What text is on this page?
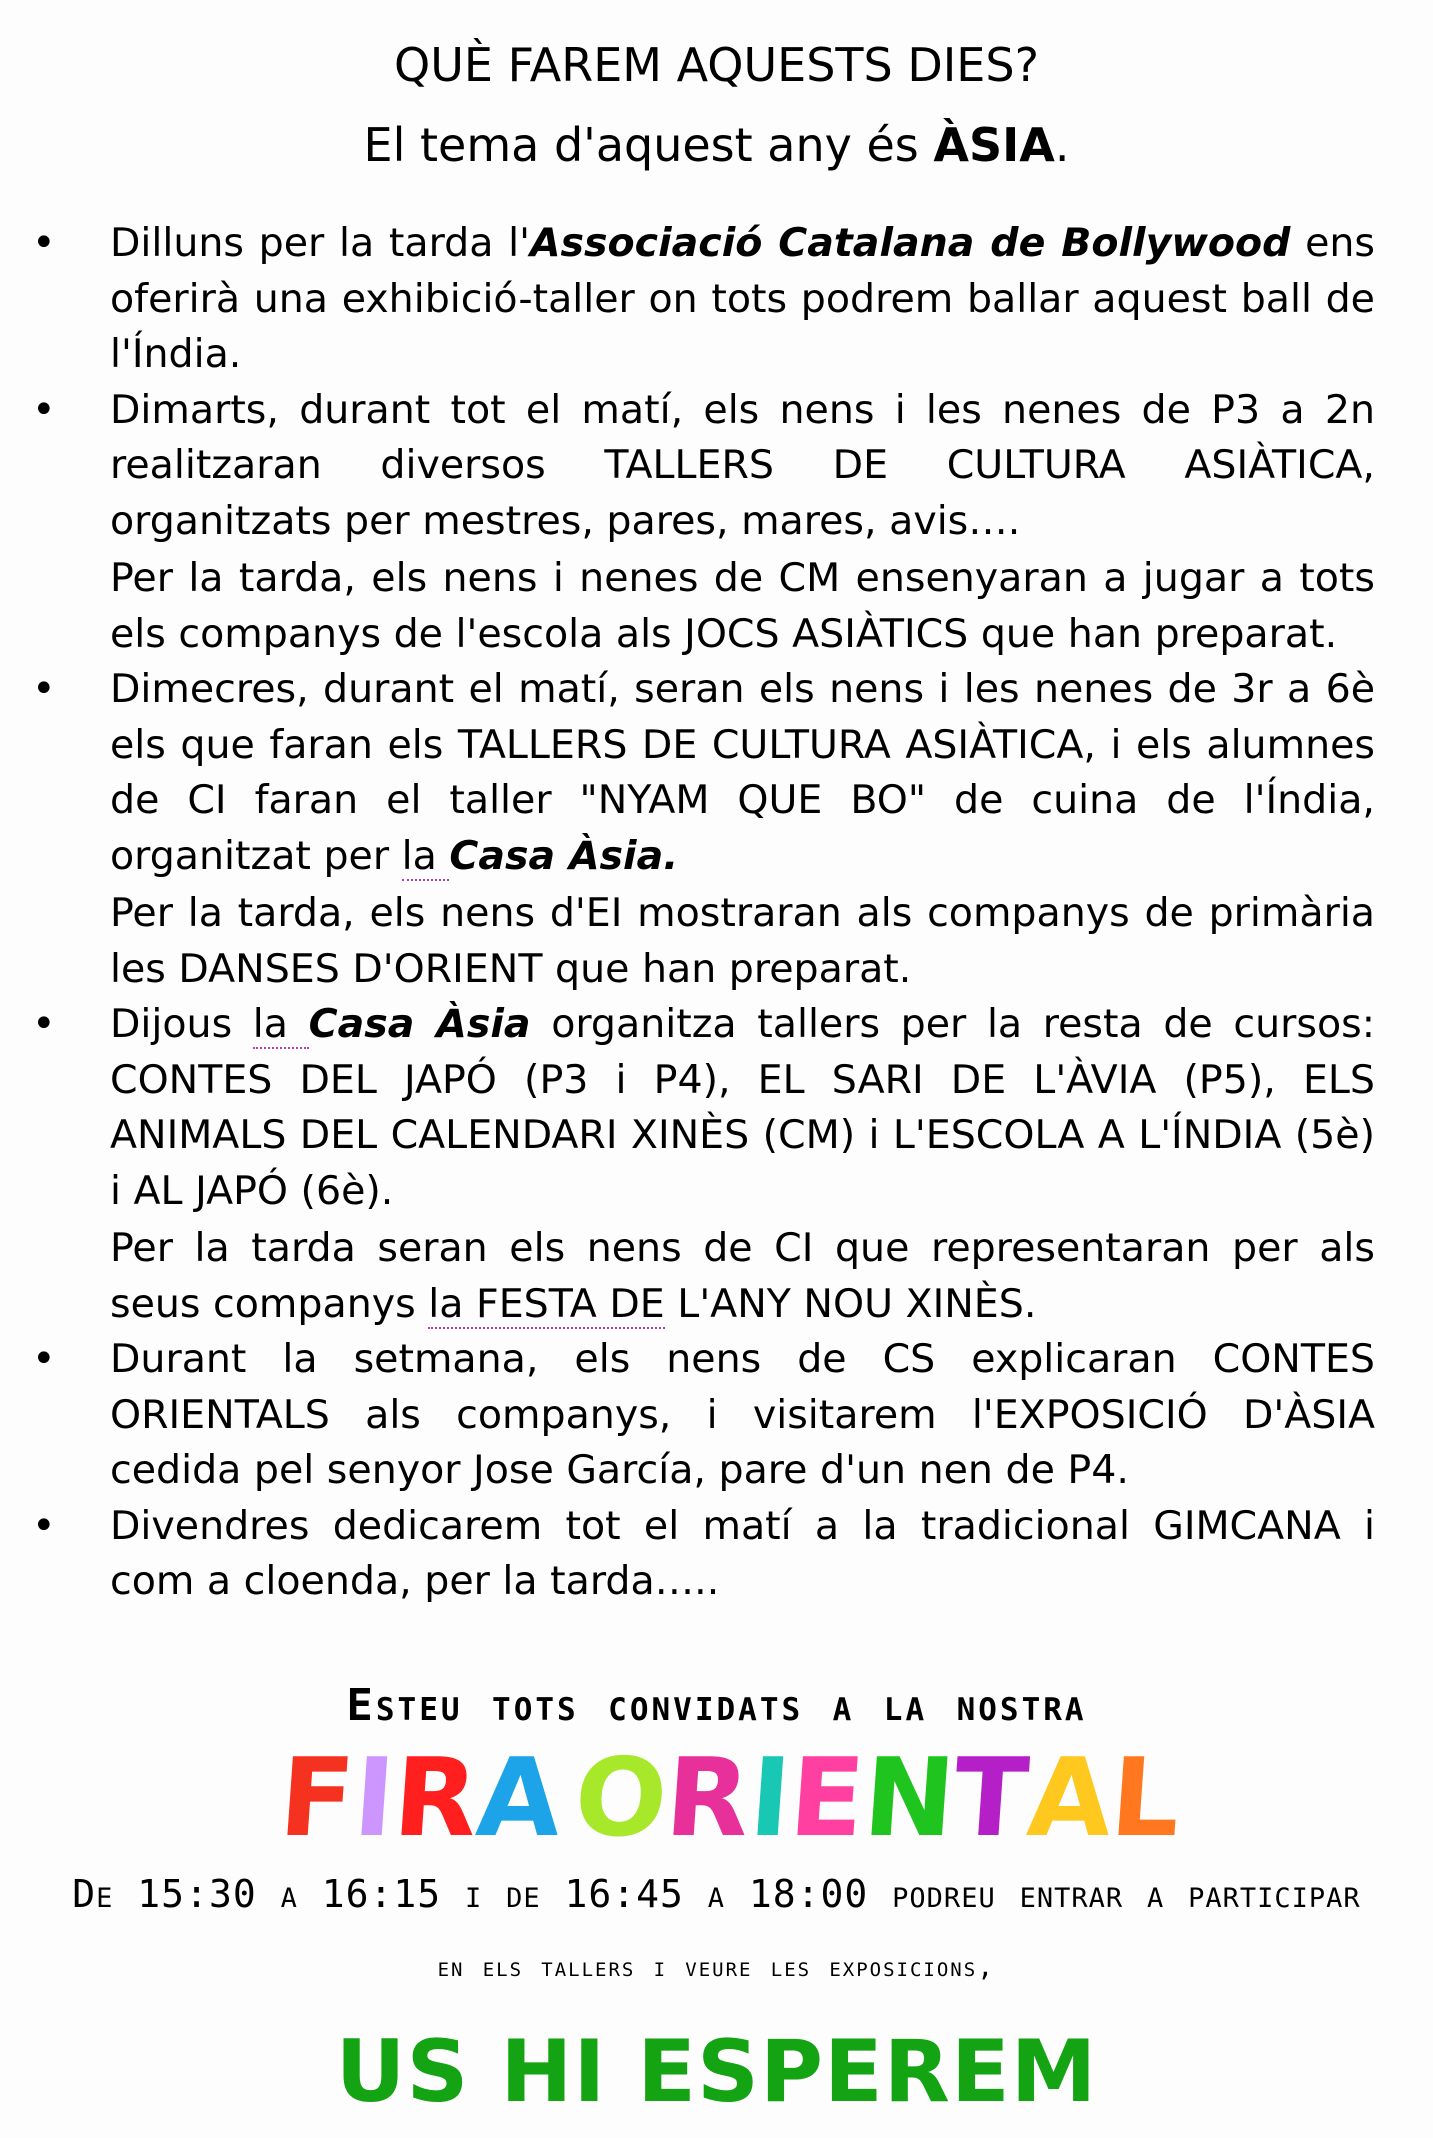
QUÈ FAREM AQUESTS DIES?
El tema d'aquest any és ÀSIA.
• Dilluns per la tarda l'Associació Catalana de Bollywood ens oferirà una exhibició-taller on tots podrem ballar aquest ball de l'Índia.

• Dimarts, durant tot el matí, els nens i les nenes de P3 a 2n realitzaran diversos TALLERS DE CULTURA ASIÀTICA, organitzats per mestres, pares, mares, avis….

Per la tarda, els nens i nenes de CM ensenyaran a jugar a tots els companys de l'escola als JOCS ASIÀTICS que han preparat.

• Dimecres, durant el matí, seran els nens i les nenes de 3r a 6è els que faran els TALLERS DE CULTURA ASIÀTICA, i els alumnes de CI faran el taller "NYAM QUE BO" de cuina de l'Índia, organitzat per la Casa Àsia.

Per la tarda, els nens d'EI mostraran als companys de primària les DANSES D'ORIENT que han preparat.

• Dijous la Casa Àsia organitza tallers per la resta de cursos: CONTES DEL JAPÓ (P3 i P4), EL SARI DE L'ÀVIA (P5), ELS ANIMALS DEL CALENDARI XINÈS (CM) i L'ESCOLA A L'ÍNDIA (5è) i AL JAPÓ (6è).

Per la tarda seran els nens de CI que representaran per als seus companys la FESTA DE L'ANY NOU XINÈS.

• Durant la setmana, els nens de CS explicaran CONTES ORIENTALS als companys, i visitarem l'EXPOSICIÓ D'ÀSIA cedida pel senyor Jose García, pare d'un nen de P4.

• Divendres dedicarem tot el matí a la tradicional GIMCANA i com a cloenda, per la tarda…..

Esteu tots convidats a la nostra
F
I
R
A O
R
I
E
N
T
A
L
De 15:30 a 16:15 i de 16:45 a 18:00 podreu entrar a participar
en els tallers i veure les exposicions,
US HI ESPEREM
